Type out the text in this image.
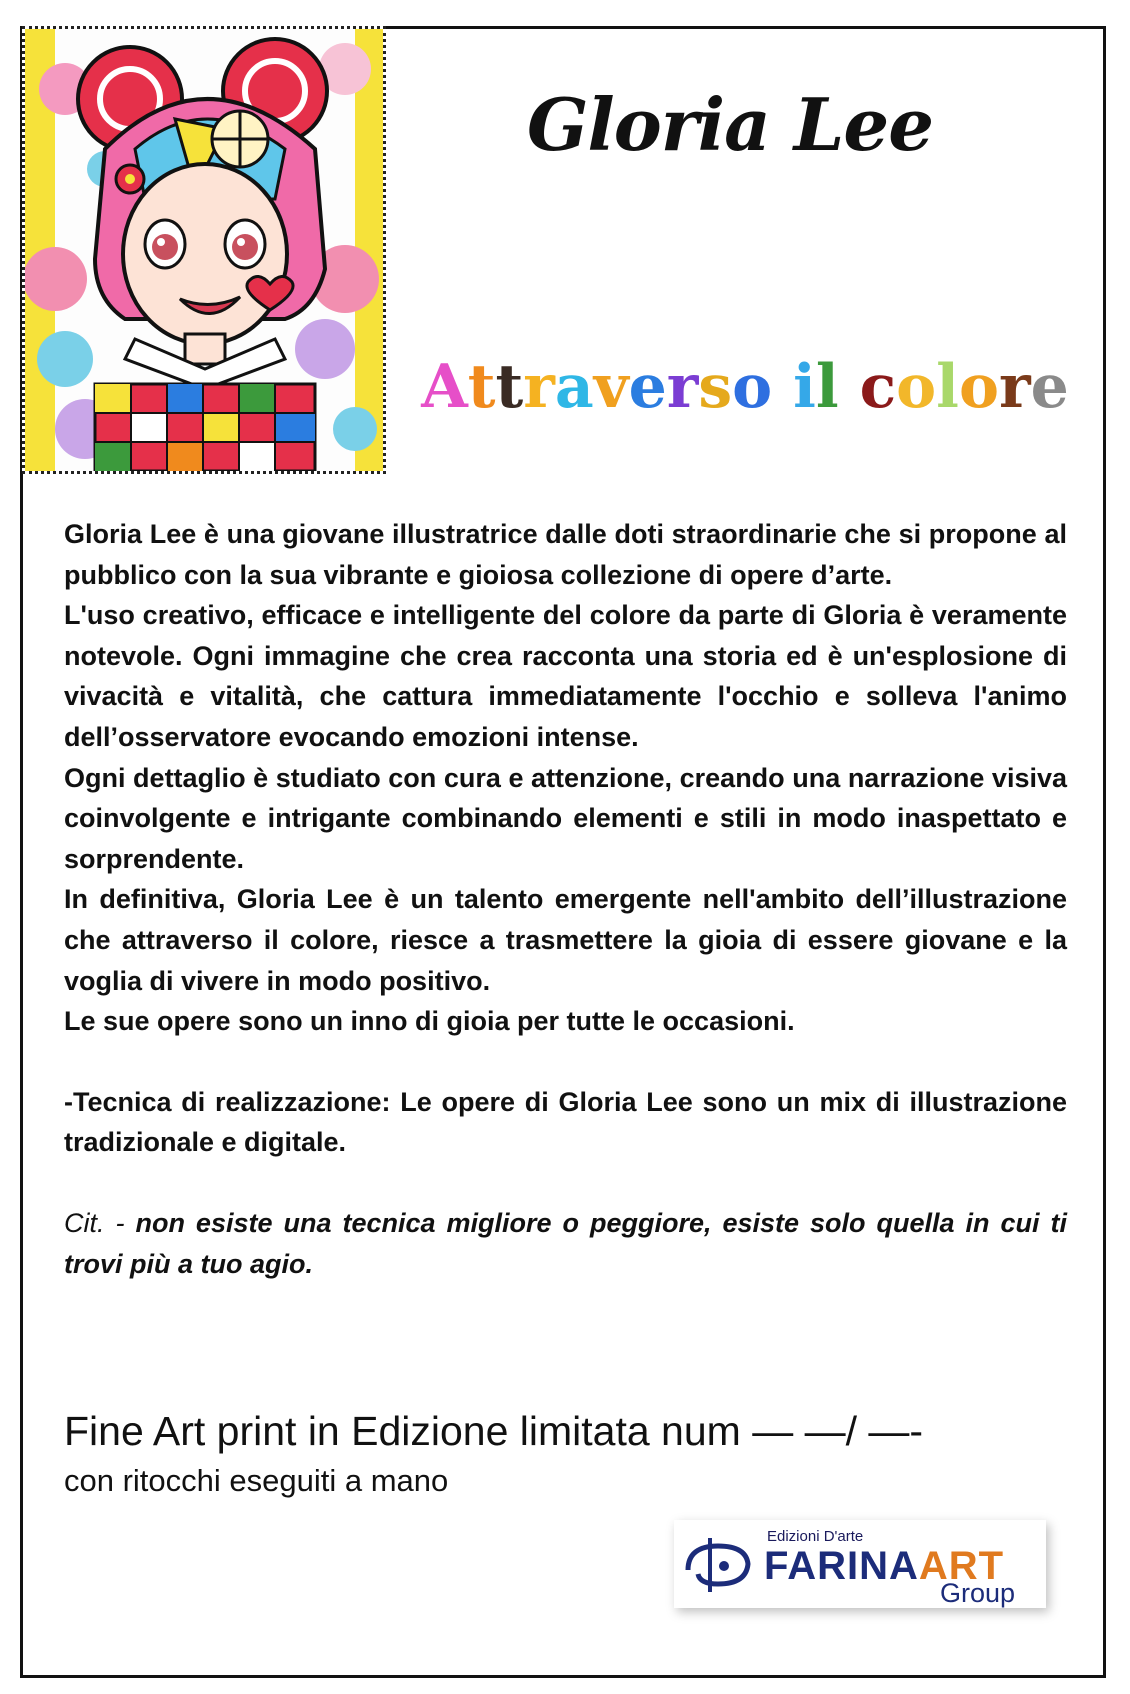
Gloria Lee
Attraverso il colore

Gloria Lee è una giovane illustratrice dalle doti straordinarie che si propone al pubblico con la sua vibrante e gioiosa collezione di opere d’arte.

L'uso creativo, efficace e intelligente del colore da parte di Gloria è veramente notevole. Ogni immagine che crea racconta una storia ed è un'esplosione di vivacità e vitalità, che cattura immediatamente l'occhio e solleva l'animo dell’osservatore evocando emozioni intense.

Ogni dettaglio è studiato con cura e attenzione, creando una narrazione visiva coinvolgente e intrigante combinando elementi e stili in modo inaspettato e sorprendente.

In definitiva, Gloria Lee è un talento emergente nell'ambito dell’illustrazione che attraverso il colore, riesce a trasmettere la gioia di essere giovane e la voglia di vivere in modo positivo.

Le sue opere sono un inno di gioia per tutte le occasioni.

-Tecnica di realizzazione: Le opere di Gloria Lee sono un mix di illustrazione tradizionale e digitale.

Cit. - non esiste una tecnica migliore o peggiore, esiste solo quella in cui ti trovi più a tuo agio.

Fine Art print in Edizione limitata num — —/ —-
con ritocchi eseguiti a mano
Edizioni D'arte
FARINAART
Group
